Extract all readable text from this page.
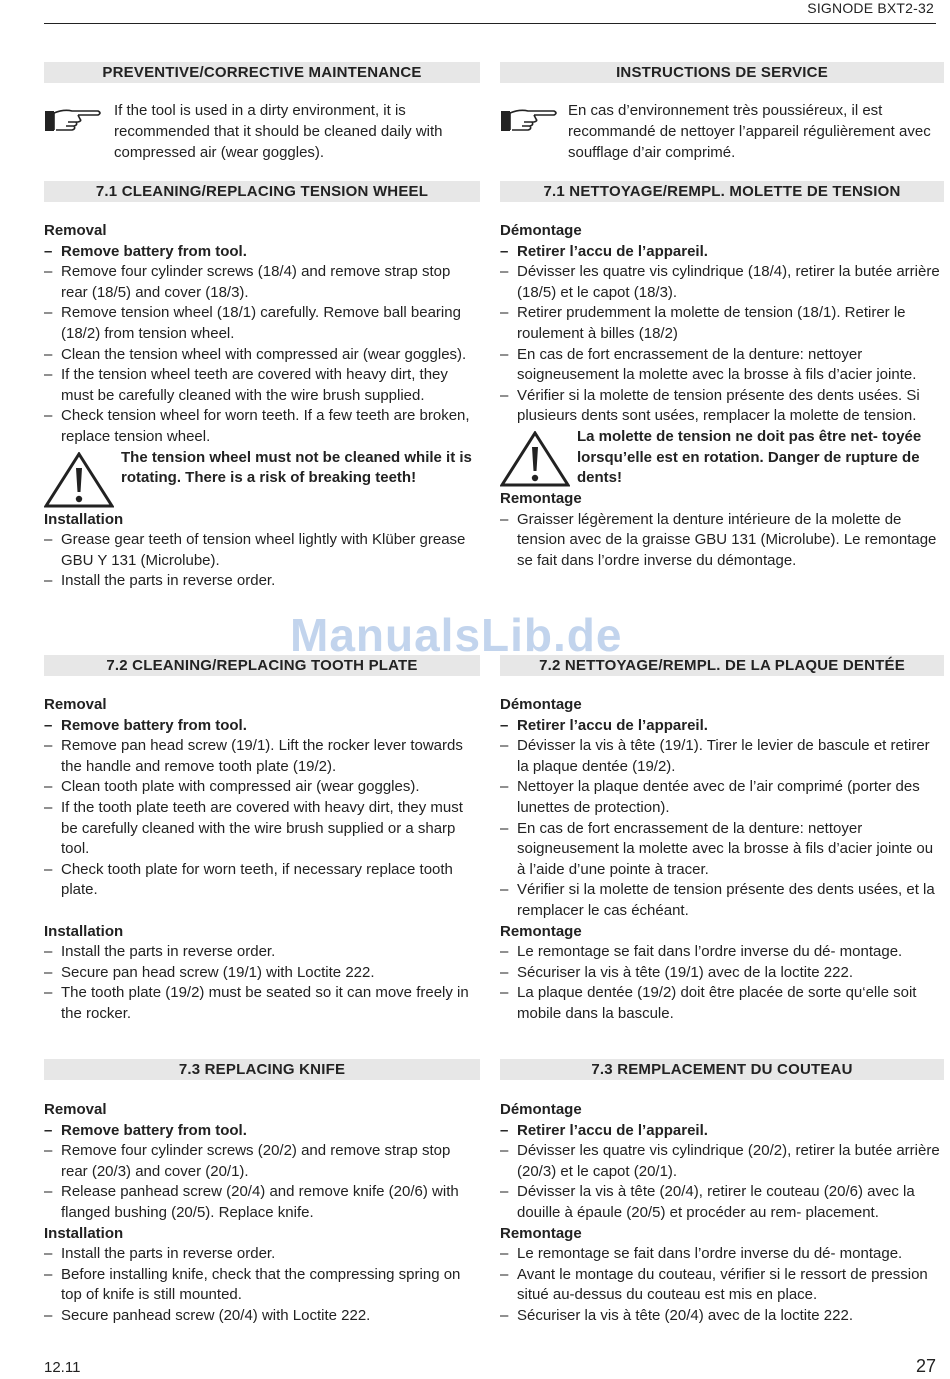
SIGNODE BXT2-32
PREVENTIVE/CORRECTIVE MAINTENANCE
If the tool is used in a dirty environment, it is recommended that it should be cleaned daily with compressed air (wear goggles).
7.1 CLEANING/REPLACING TENSION WHEEL
Removal
– Remove battery from tool.
– Remove four cylinder screws (18/4) and remove strap stop rear (18/5) and cover (18/3).
– Remove tension wheel (18/1) carefully. Remove ball bearing (18/2) from tension wheel.
– Clean the tension wheel with compressed air (wear goggles).
– If the tension wheel teeth are covered with heavy dirt, they must be carefully cleaned with the wire brush supplied.
– Check tension wheel for worn teeth. If a few teeth are broken, replace tension wheel.
The tension wheel must not be cleaned while it is rotating. There is a risk of breaking teeth!
Installation
– Grease gear teeth of tension wheel lightly with Klüber grease GBU Y 131 (Microlube).
– Install the parts in reverse order.
7.2 CLEANING/REPLACING TOOTH PLATE
Removal
– Remove battery from tool.
– Remove pan head screw (19/1). Lift the rocker lever towards the handle and remove tooth plate (19/2).
– Clean tooth plate with compressed air (wear goggles).
– If the tooth plate teeth are covered with heavy dirt, they must be carefully cleaned with the wire brush supplied or a sharp tool.
– Check tooth plate for worn teeth, if necessary replace tooth plate.
Installation
– Install the parts in reverse order.
– Secure pan head screw (19/1) with Loctite 222.
– The tooth plate (19/2) must be seated so it can move freely in the rocker.
7.3 REPLACING KNIFE
Removal
– Remove battery from tool.
– Remove four cylinder screws (20/2) and remove strap stop rear (20/3) and cover (20/1).
– Release panhead screw (20/4) and remove knife (20/6) with flanged bushing (20/5). Replace knife.
Installation
– Install the parts in reverse order.
– Before installing knife, check that the compressing spring on top of knife is still mounted.
– Secure panhead screw (20/4) with Loctite 222.
INSTRUCTIONS DE SERVICE
En cas d’environnement très poussiéreux, il est recommandé de nettoyer l’appareil régulièrement avec soufflage d’air comprimé.
7.1 NETTOYAGE/REMPL. MOLETTE DE TENSION
Démontage
– Retirer l’accu de l’appareil.
– Dévisser les quatre vis cylindrique (18/4), retirer la butée arrière (18/5) et le capot (18/3).
– Retirer prudemment la molette de tension (18/1). Retirer le roulement à billes (18/2)
– En cas de fort encrassement de la denture: nettoyer soigneusement la molette avec la brosse à fils d’acier jointe.
– Vérifier si la molette de tension présente des dents usées. Si plusieurs dents sont usées, remplacer la molette de tension.
La molette de tension ne doit pas être net- toyée lorsqu’elle est en rotation. Danger de rupture de dents!
Remontage
– Graisser légèrement la denture intérieure de la molette de tension avec de la graisse GBU 131 (Microlube). Le remontage se fait dans l’ordre inverse du démontage.
7.2 NETTOYAGE/REMPL. DE LA PLAQUE DENTÉE
Démontage
– Retirer l’accu de l’appareil.
– Dévisser la vis à tête (19/1). Tirer le levier de bascule et retirer la plaque dentée (19/2).
– Nettoyer la plaque dentée avec de l’air comprimé (porter des lunettes de protection).
– En cas de fort encrassement de la denture: nettoyer soigneusement la molette avec la brosse à fils d’acier jointe ou à l’aide d’une pointe à tracer.
– Vérifier si la molette de tension présente des dents usées, et la remplacer le cas échéant.
Remontage
– Le remontage se fait dans l’ordre inverse du dé- montage.
– Sécuriser la vis à tête (19/1) avec de la loctite 222.
– La plaque dentée (19/2) doit être placée de sorte qu‘elle soit mobile dans la bascule.
7.3 REMPLACEMENT DU COUTEAU
Démontage
– Retirer l’accu de l’appareil.
– Dévisser les quatre vis cylindrique (20/2), retirer la butée arrière (20/3) et le capot (20/1).
– Dévisser la vis à tête (20/4), retirer le couteau (20/6) avec la douille à épaule (20/5) et procéder au rem- placement.
Remontage
– Le remontage se fait dans l’ordre inverse du dé- montage.
– Avant le montage du couteau, vérifier si le ressort de pression situé au-dessus du couteau est mis en place.
– Sécuriser la vis à tête (20/4) avec de la loctite 222.
ManualsLib.de
12.11	27
